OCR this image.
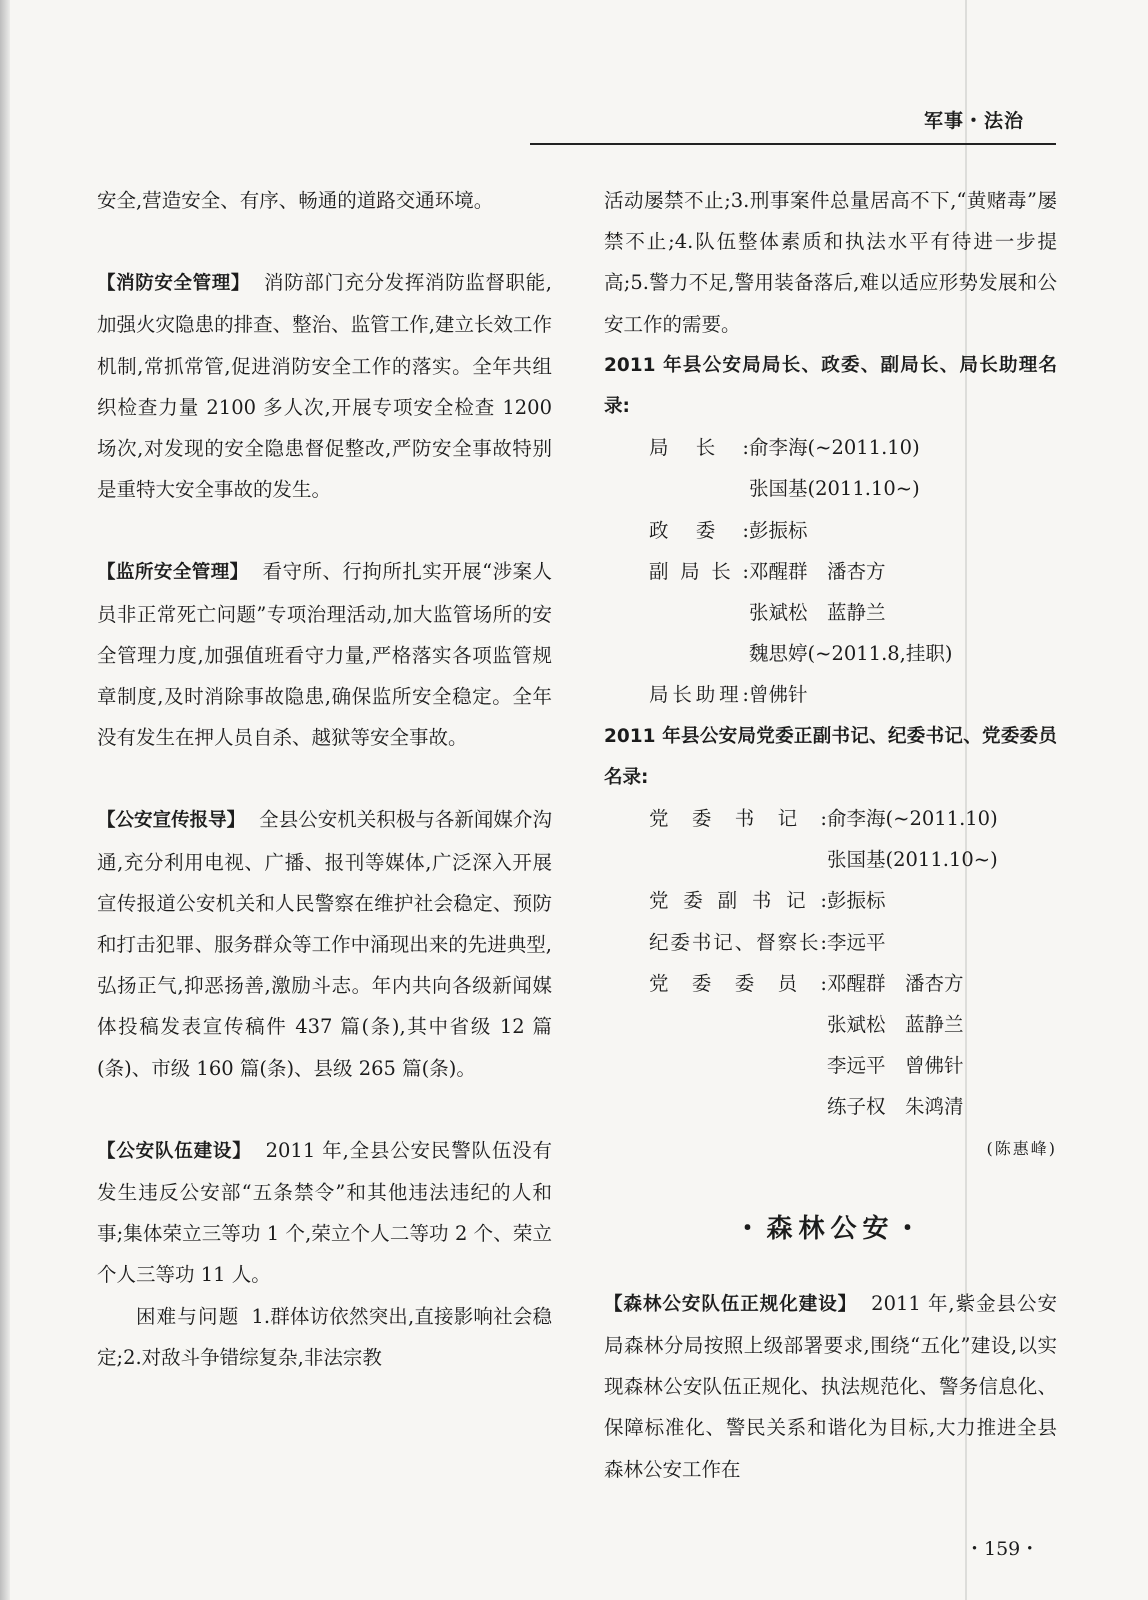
军事・法治

安全,营造安全、有序、畅通的道路交通环境。

【消防安全管理】 消防部门充分发挥消防监督职能,加强火灾隐患的排查、整治、监管工作,建立长效工作机制,常抓常管,促进消防安全工作的落实。全年共组织检查力量 2100 多人次,开展专项安全检查 1200 场次,对发现的安全隐患督促整改,严防安全事故特别是重特大安全事故的发生。

【监所安全管理】 看守所、行拘所扎实开展“涉案人员非正常死亡问题”专项治理活动,加大监管场所的安全管理力度,加强值班看守力量,严格落实各项监管规章制度,及时消除事故隐患,确保监所安全稳定。全年没有发生在押人员自杀、越狱等安全事故。

【公安宣传报导】 全县公安机关积极与各新闻媒介沟通,充分利用电视、广播、报刊等媒体,广泛深入开展宣传报道公安机关和人民警察在维护社会稳定、预防和打击犯罪、服务群众等工作中涌现出来的先进典型,弘扬正气,抑恶扬善,激励斗志。年内共向各级新闻媒体投稿发表宣传稿件 437 篇(条),其中省级 12 篇(条)、市级 160 篇(条)、县级 265 篇(条)。

【公安队伍建设】 2011 年,全县公安民警队伍没有发生违反公安部“五条禁令”和其他违法违纪的人和事;集体荣立三等功 1 个,荣立个人二等功 2 个、荣立个人三等功 11 人。

困难与问题 1.群体访依然突出,直接影响社会稳定;2.对敌斗争错综复杂,非法宗教

活动屡禁不止;3.刑事案件总量居高不下,“黄赌毒”屡禁不止;4.队伍整体素质和执法水平有待进一步提高;5.警力不足,警用装备落后,难以适应形势发展和公安工作的需要。

2011 年县公安局局长、政委、副局长、局长助理名录:

局长: 俞李海(~2011.10)
张国基(2011.10~)
政委: 彭振标
副局长: 邓醒群　潘杏方
张斌松　蓝静兰
魏思婷(~2011.8,挂职)
局长助理: 曾佛针

2011 年县公安局党委正副书记、纪委书记、党委委员名录:

党委书记: 俞李海(~2011.10)
张国基(2011.10~)
党委副书记: 彭振标
纪委书记、督察长: 李远平
党委委员: 邓醒群　潘杏方
张斌松　蓝静兰
李远平　曾佛针
练子权　朱鸿清
(陈惠峰)
・森林公安・

【森林公安队伍正规化建设】 2011 年,紫金县公安局森林分局按照上级部署要求,围绕“五化”建设,以实现森林公安队伍正规化、执法规范化、警务信息化、保障标准化、警民关系和谐化为目标,大力推进全县森林公安工作在

・159・
